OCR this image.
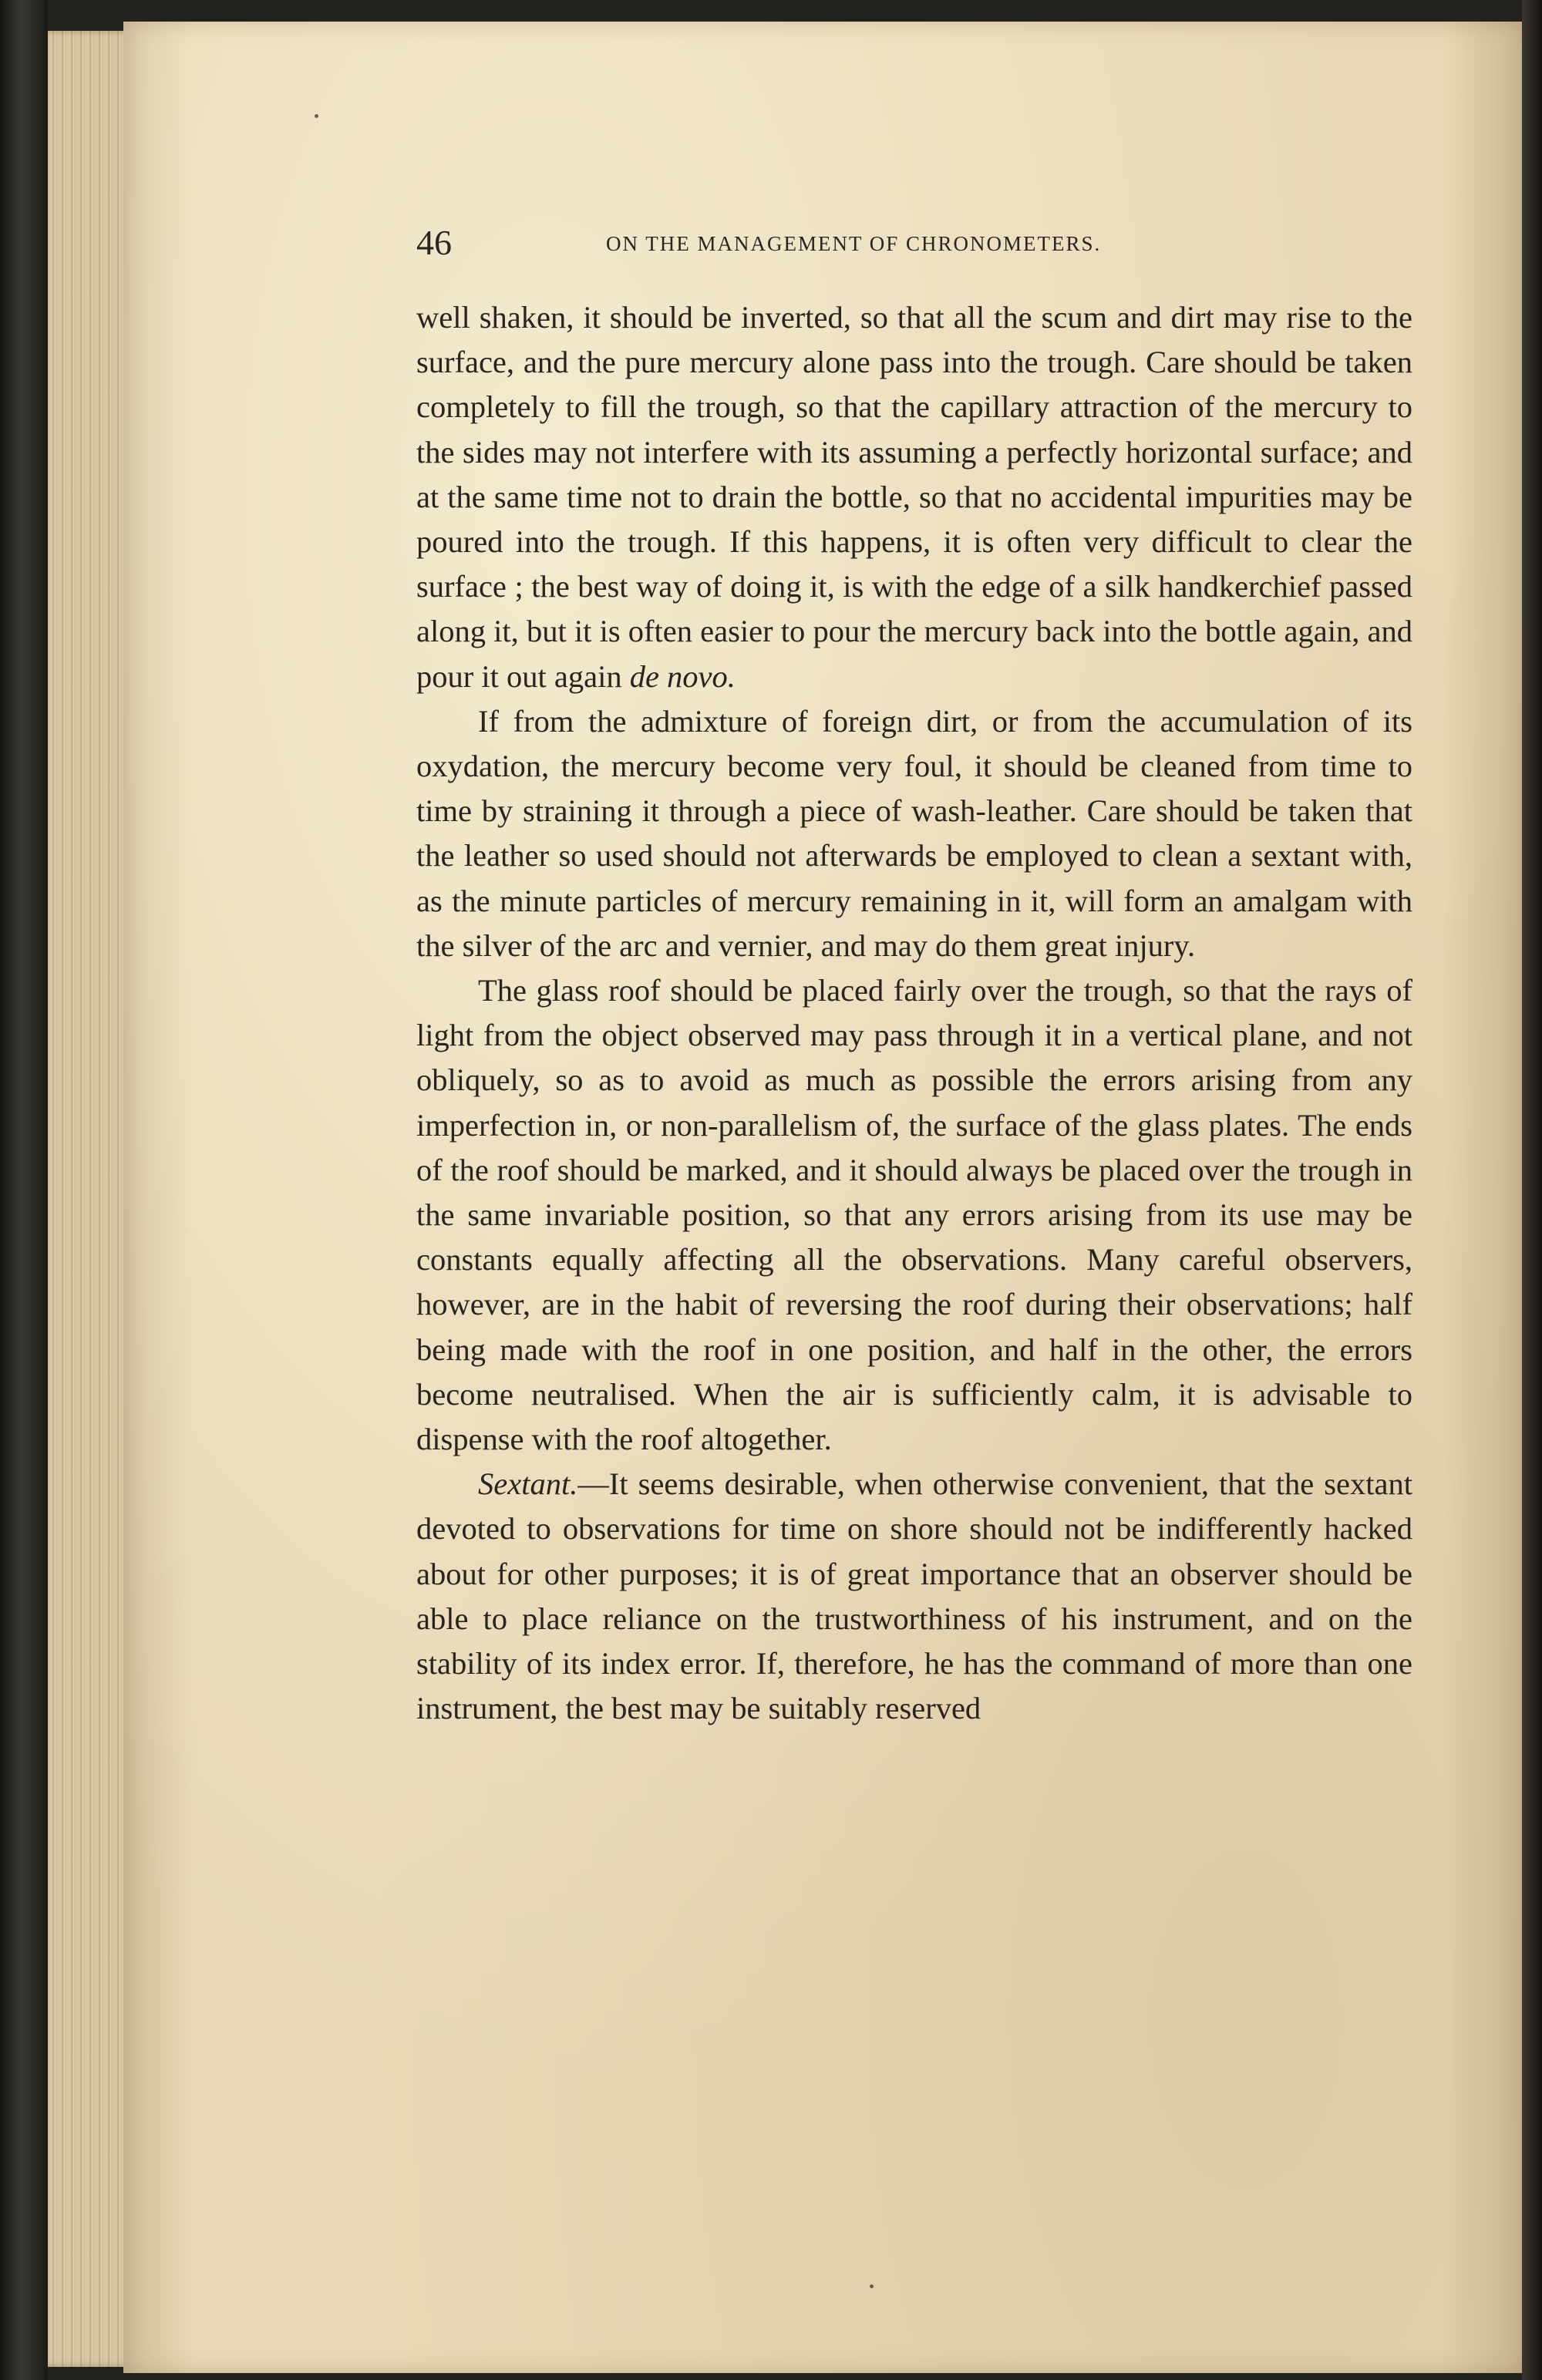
46	ON THE MANAGEMENT OF CHRONOMETERS.

well shaken, it should be inverted, so that all the scum and dirt may rise to the surface, and the pure mercury alone pass into the trough. Care should be taken completely to fill the trough, so that the capillary attraction of the mercury to the sides may not interfere with its assuming a perfectly horizontal surface; and at the same time not to drain the bottle, so that no accidental impurities may be poured into the trough. If this happens, it is often very difficult to clear the surface ; the best way of doing it, is with the edge of a silk handkerchief passed along it, but it is often easier to pour the mercury back into the bottle again, and pour it out again de novo.

If from the admixture of foreign dirt, or from the accumulation of its oxydation, the mercury become very foul, it should be cleaned from time to time by straining it through a piece of wash-leather. Care should be taken that the leather so used should not afterwards be employed to clean a sextant with, as the minute particles of mercury remaining in it, will form an amalgam with the silver of the arc and vernier, and may do them great injury.

The glass roof should be placed fairly over the trough, so that the rays of light from the object observed may pass through it in a vertical plane, and not obliquely, so as to avoid as much as possible the errors arising from any imperfection in, or non-parallelism of, the surface of the glass plates. The ends of the roof should be marked, and it should always be placed over the trough in the same invariable position, so that any errors arising from its use may be constants equally affecting all the observations. Many careful observers, however, are in the habit of reversing the roof during their observations; half being made with the roof in one position, and half in the other, the errors become neutralised. When the air is sufficiently calm, it is advisable to dispense with the roof altogether.

Sextant.—It seems desirable, when otherwise convenient, that the sextant devoted to observations for time on shore should not be indifferently hacked about for other purposes; it is of great importance that an observer should be able to place reliance on the trustworthiness of his instrument, and on the stability of its index error. If, therefore, he has the command of more than one instrument, the best may be suitably reserved
